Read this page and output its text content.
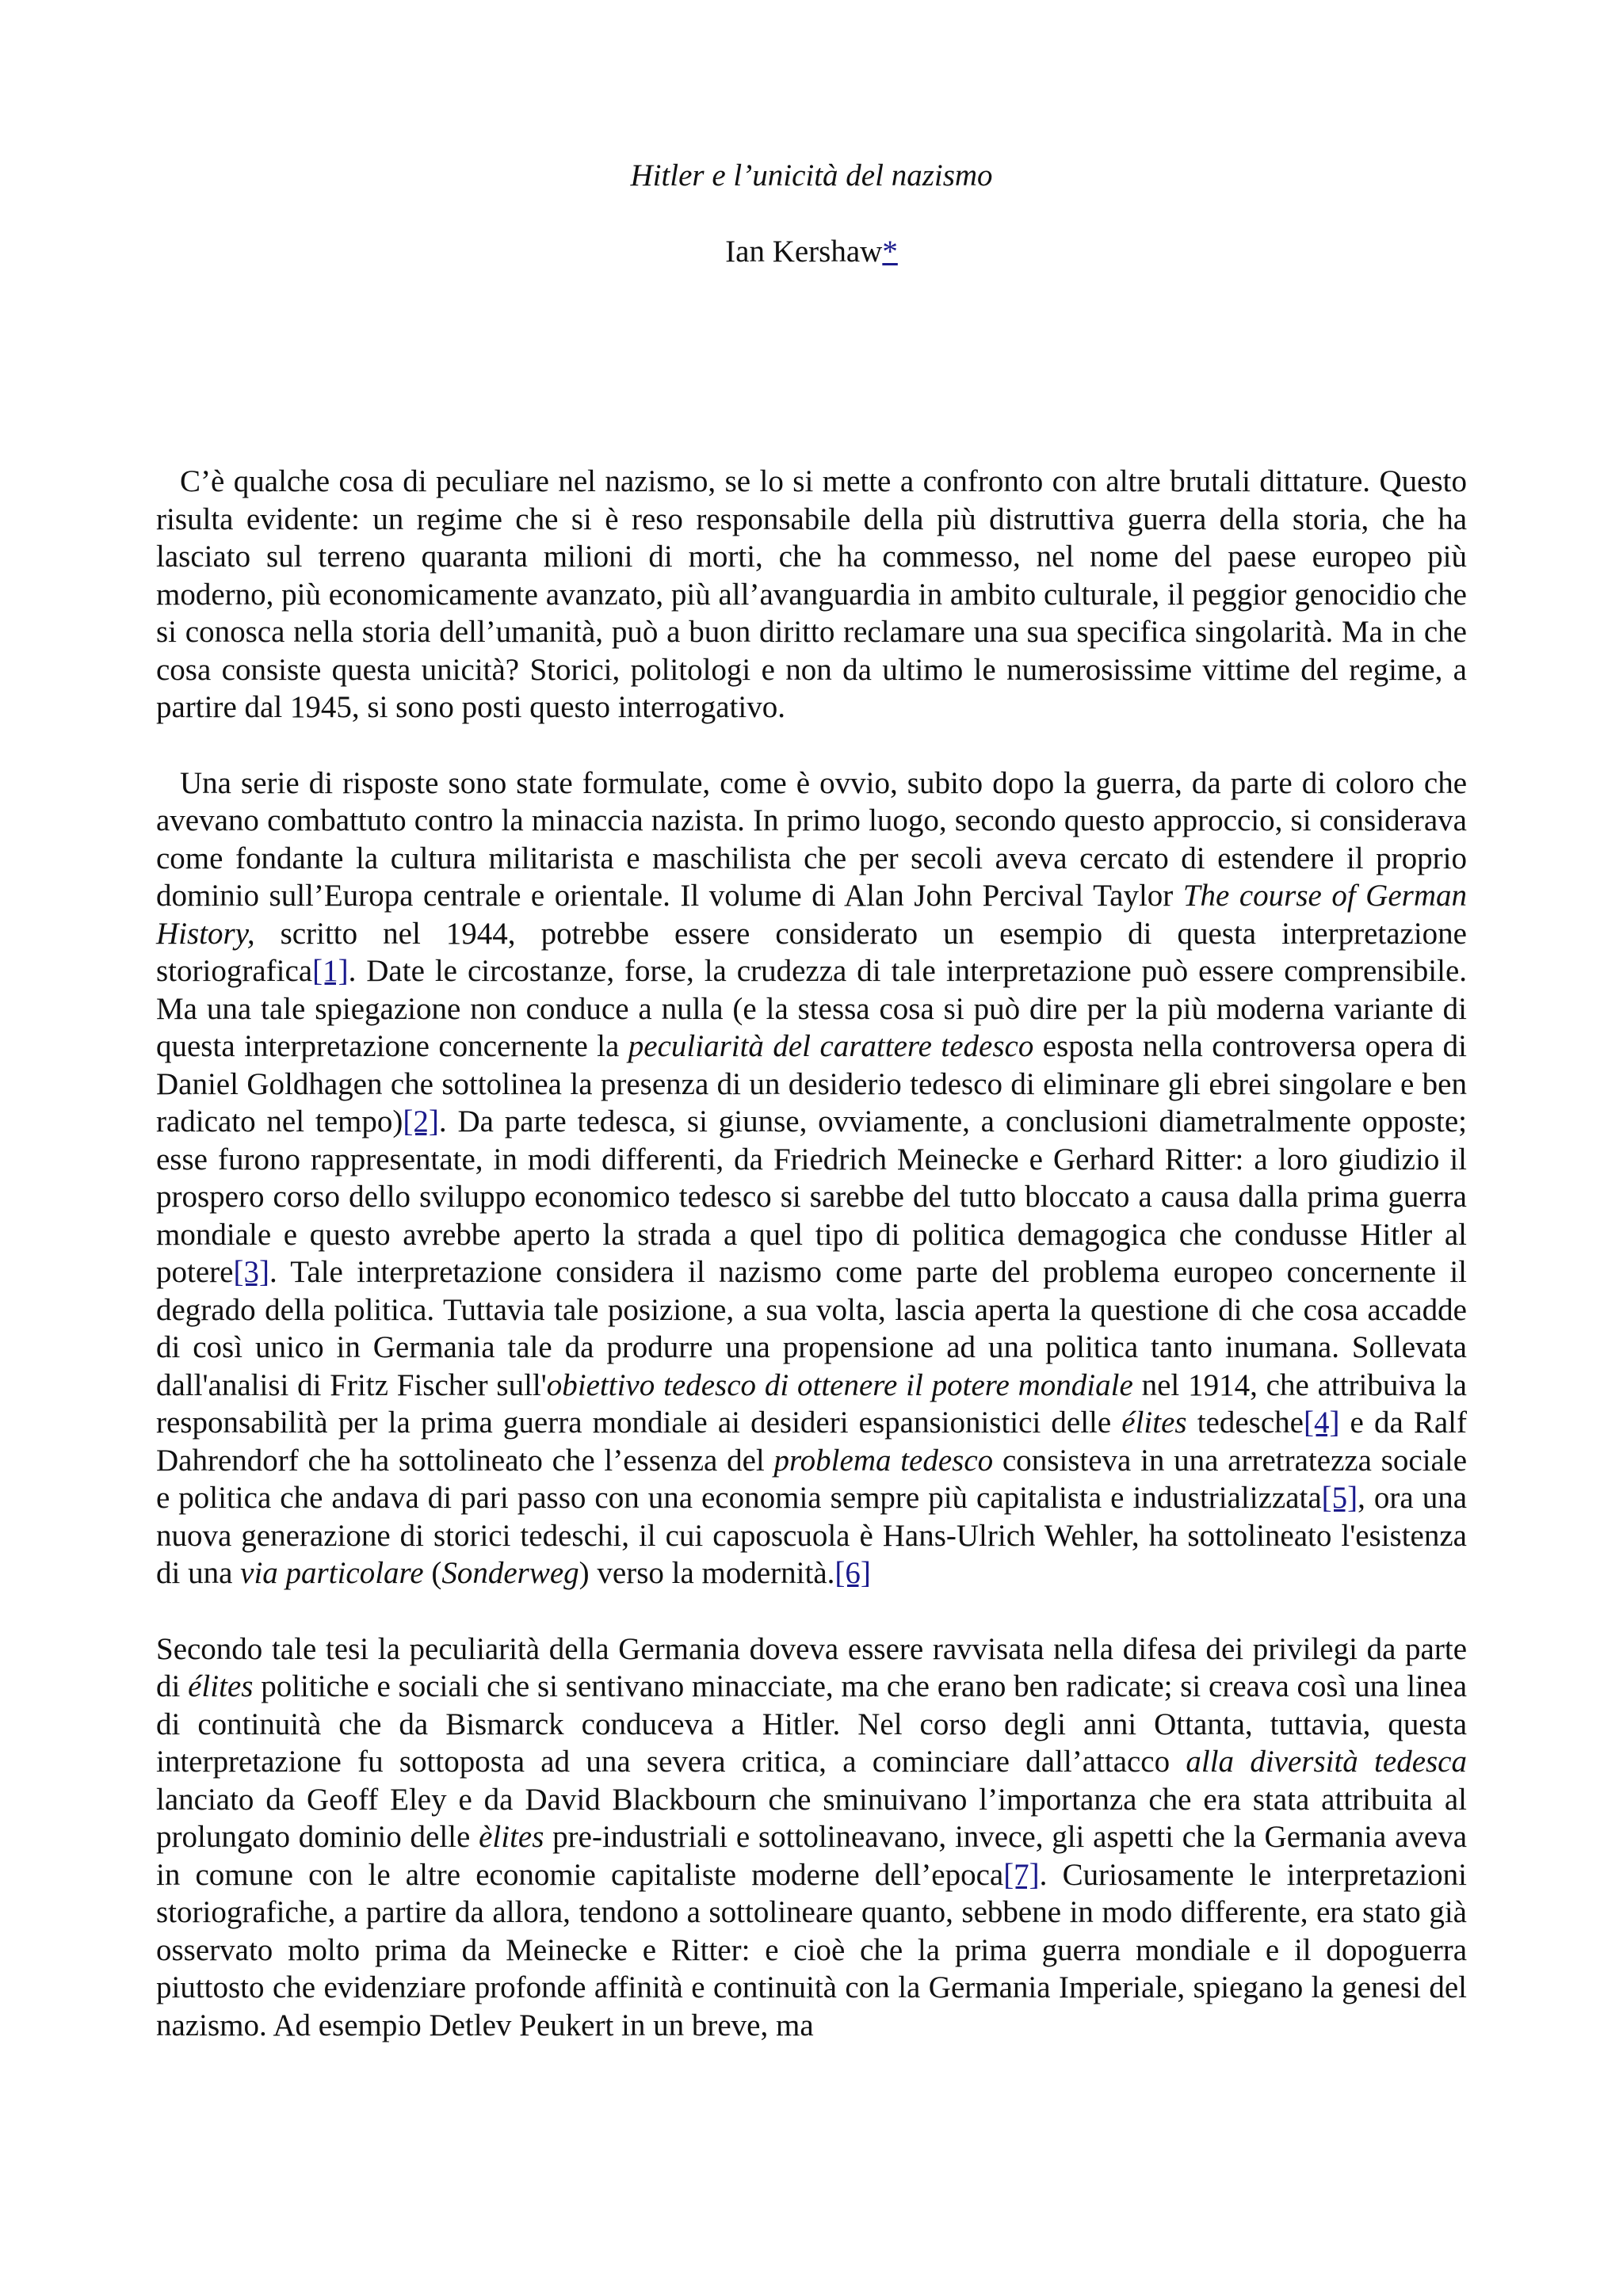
Hitler e l’unicità del nazismo
Ian Kershaw*

C’è qualche cosa di peculiare nel nazismo, se lo si mette a confronto con altre brutali dittature. Questo risulta evidente: un regime che si è reso responsabile della più distruttiva guerra della storia, che ha lasciato sul terreno quaranta milioni di morti, che ha commesso, nel nome del paese europeo più moderno, più economicamente avanzato, più all’avanguardia in ambito culturale, il peggior genocidio che si conosca nella storia dell’umanità, può a buon diritto reclamare una sua specifica singolarità. Ma in che cosa consiste questa unicità? Storici, politologi e non da ultimo le numerosissime vittime del regime, a partire dal 1945, si sono posti questo interrogativo.

Una serie di risposte sono state formulate, come è ovvio, subito dopo la guerra, da parte di coloro che avevano combattuto contro la minaccia nazista. In primo luogo, secondo questo approccio, si considerava come fondante la cultura militarista e maschilista che per secoli aveva cercato di estendere il proprio dominio sull’Europa centrale e orientale. Il volume di Alan John Percival Taylor The course of German History, scritto nel 1944, potrebbe essere considerato un esempio di questa interpretazione storiografica[1]. Date le circostanze, forse, la crudezza di tale interpretazione può essere comprensibile. Ma una tale spiegazione non conduce a nulla (e la stessa cosa si può dire per la più moderna variante di questa interpretazione concernente la peculiarità del carattere tedesco esposta nella controversa opera di Daniel Goldhagen che sottolinea la presenza di un desiderio tedesco di eliminare gli ebrei singolare e ben radicato nel tempo)[2]. Da parte tedesca, si giunse, ovviamente, a conclusioni diametralmente opposte; esse furono rappresentate, in modi differenti, da Friedrich Meinecke e Gerhard Ritter: a loro giudizio il prospero corso dello sviluppo economico tedesco si sarebbe del tutto bloccato a causa dalla prima guerra mondiale e questo avrebbe aperto la strada a quel tipo di politica demagogica che condusse Hitler al potere[3]. Tale interpretazione considera il nazismo come parte del problema europeo concernente il degrado della politica. Tuttavia tale posizione, a sua volta, lascia aperta la questione di che cosa accadde di così unico in Germania tale da produrre una propensione ad una politica tanto inumana. Sollevata dall'analisi di Fritz Fischer sull'obiettivo tedesco di ottenere il potere mondiale nel 1914, che attribuiva la responsabilità per la prima guerra mondiale ai desideri espansionistici delle élites tedesche[4] e da Ralf Dahrendorf che ha sottolineato che l’essenza del problema tedesco consisteva in una arretratezza sociale e politica che andava di pari passo con una economia sempre più capitalista e industrializzata[5], ora una nuova generazione di storici tedeschi, il cui caposcuola è Hans-Ulrich Wehler, ha sottolineato l'esistenza di una via particolare (Sonderweg) verso la modernità.[6]

Secondo tale tesi la peculiarità della Germania doveva essere ravvisata nella difesa dei privilegi da parte di élites politiche e sociali che si sentivano minacciate, ma che erano ben radicate; si creava così una linea di continuità che da Bismarck conduceva a Hitler. Nel corso degli anni Ottanta, tuttavia, questa interpretazione fu sottoposta ad una severa critica, a cominciare dall’attacco alla diversità tedesca lanciato da Geoff Eley e da David Blackbourn che sminuivano l’importanza che era stata attribuita al prolungato dominio delle èlites pre-industriali e sottolineavano, invece, gli aspetti che la Germania aveva in comune con le altre economie capitaliste moderne dell’epoca[7]. Curiosamente le interpretazioni storiografiche, a partire da allora, tendono a sottolineare quanto, sebbene in modo differente, era stato già osservato molto prima da Meinecke e Ritter: e cioè che la prima guerra mondiale e il dopoguerra piuttosto che evidenziare profonde affinità e continuità con la Germania Imperiale, spiegano la genesi del nazismo. Ad esempio Detlev Peukert in un breve, ma
